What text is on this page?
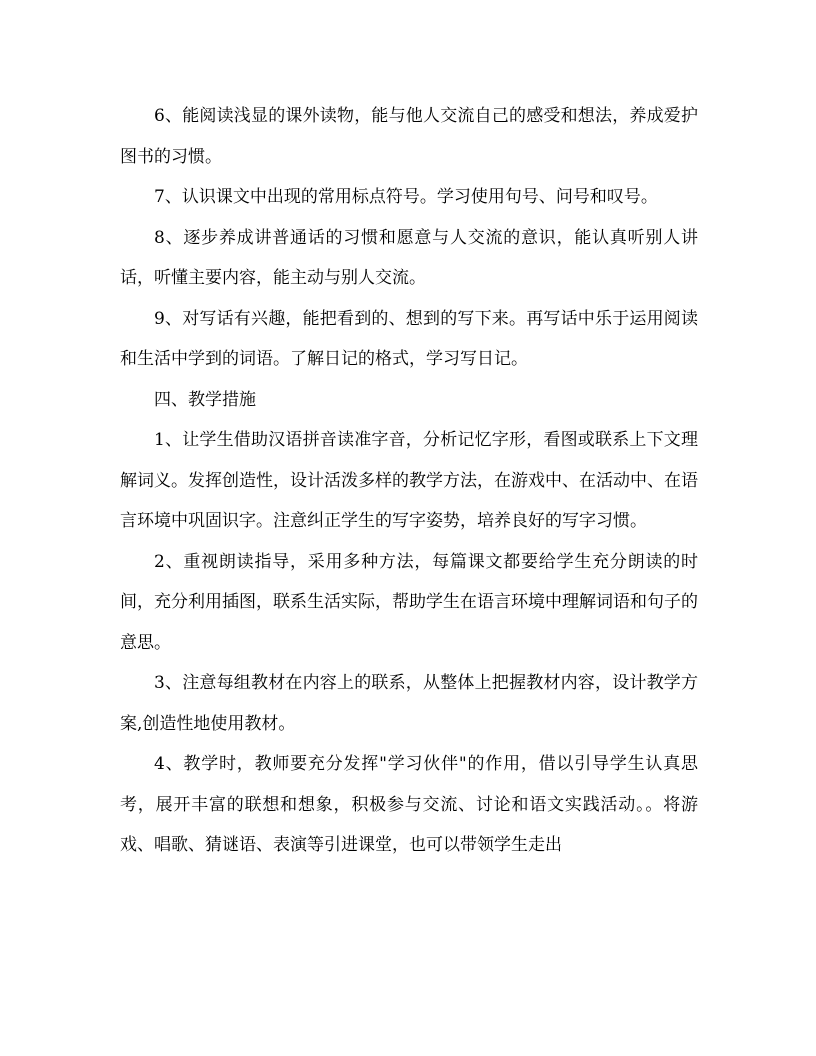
6、能阅读浅显的课外读物，能与他人交流自己的感受和想法，养成爱护图书的习惯。

7、认识课文中出现的常用标点符号。学习使用句号、问号和叹号。

8、逐步养成讲普通话的习惯和愿意与人交流的意识，能认真听别人讲话，听懂主要内容，能主动与别人交流。

9、对写话有兴趣，能把看到的、想到的写下来。再写话中乐于运用阅读和生活中学到的词语。了解日记的格式，学习写日记。

四、教学措施

1、让学生借助汉语拼音读准字音，分析记忆字形，看图或联系上下文理解词义。发挥创造性，设计活泼多样的教学方法，在游戏中、在活动中、在语言环境中巩固识字。注意纠正学生的写字姿势，培养良好的写字习惯。

2、重视朗读指导，采用多种方法，每篇课文都要给学生充分朗读的时间，充分利用插图，联系生活实际，帮助学生在语言环境中理解词语和句子的意思。

3、注意每组教材在内容上的联系，从整体上把握教材内容，设计教学方案,创造性地使用教材。

4、教学时，教师要充分发挥"学习伙伴"的作用，借以引导学生认真思考，展开丰富的联想和想象，积极参与交流、讨论和语文实践活动。。将游戏、唱歌、猜谜语、表演等引进课堂，也可以带领学生走出
